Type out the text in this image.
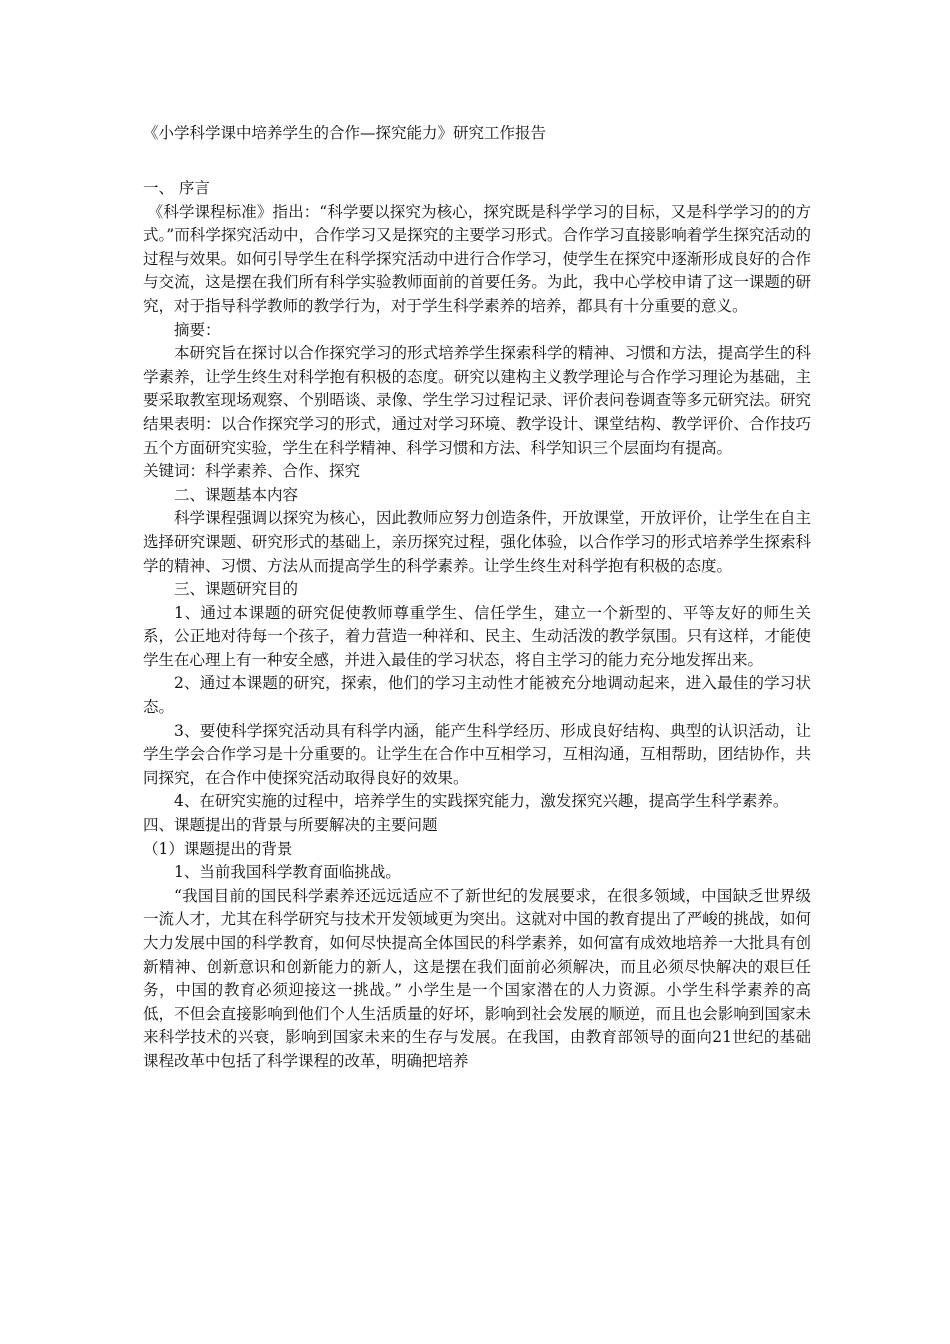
《小学科学课中培养学生的合作—探究能力》研究工作报告

一、 序言

《科学课程标准》指出：“科学要以探究为核心，探究既是科学学习的目标，又是科学学习的的方式。”而科学探究活动中，合作学习又是探究的主要学习形式。合作学习直接影响着学生探究活动的过程与效果。如何引导学生在科学探究活动中进行合作学习，使学生在探究中逐渐形成良好的合作与交流，这是摆在我们所有科学实验教师面前的首要任务。为此，我中心学校申请了这一课题的研究，对于指导科学教师的教学行为，对于学生科学素养的培养，都具有十分重要的意义。

摘要：

本研究旨在探讨以合作探究学习的形式培养学生探索科学的精神、习惯和方法，提高学生的科学素养，让学生终生对科学抱有积极的态度。研究以建构主义教学理论与合作学习理论为基础，主要采取教室现场观察、个别晤谈、录像、学生学习过程记录、评价表问卷调查等多元研究法。研究结果表明：以合作探究学习的形式，通过对学习环境、教学设计、课堂结构、教学评价、合作技巧五个方面研究实验，学生在科学精神、科学习惯和方法、科学知识三个层面均有提高。

关键词：科学素养、合作、探究

二、课题基本内容

科学课程强调以探究为核心，因此教师应努力创造条件，开放课堂，开放评价，让学生在自主选择研究课题、研究形式的基础上，亲历探究过程，强化体验，以合作学习的形式培养学生探索科学的精神、习惯、方法从而提高学生的科学素养。让学生终生对科学抱有积极的态度。

三、课题研究目的

1、通过本课题的研究促使教师尊重学生、信任学生，建立一个新型的、平等友好的师生关系，公正地对待每一个孩子，着力营造一种祥和、民主、生动活泼的教学氛围。只有这样，才能使学生在心理上有一种安全感，并进入最佳的学习状态，将自主学习的能力充分地发挥出来。

2、通过本课题的研究，探索，他们的学习主动性才能被充分地调动起来，进入最佳的学习状态。

3、要使科学探究活动具有科学内涵，能产生科学经历、形成良好结构、典型的认识活动，让学生学会合作学习是十分重要的。让学生在合作中互相学习，互相沟通，互相帮助，团结协作，共同探究，在合作中使探究活动取得良好的效果。

4、在研究实施的过程中，培养学生的实践探究能力，激发探究兴趣，提高学生科学素养。

四、课题提出的背景与所要解决的主要问题

（1）课题提出的背景

1、当前我国科学教育面临挑战。

“我国目前的国民科学素养还远远适应不了新世纪的发展要求，在很多领域，中国缺乏世界级一流人才，尤其在科学研究与技术开发领域更为突出。这就对中国的教育提出了严峻的挑战，如何大力发展中国的科学教育，如何尽快提高全体国民的科学素养，如何富有成效地培养一大批具有创新精神、创新意识和创新能力的新人，这是摆在我们面前必须解决，而且必须尽快解决的艰巨任务，中国的教育必须迎接这一挑战。” 小学生是一个国家潜在的人力资源。小学生科学素养的高低，不但会直接影响到他们个人生活质量的好坏，影响到社会发展的顺逆，而且也会影响到国家未来科学技术的兴衰，影响到国家未来的生存与发展。在我国，由教育部领导的面向21世纪的基础课程改革中包括了科学课程的改革，明确把培养
